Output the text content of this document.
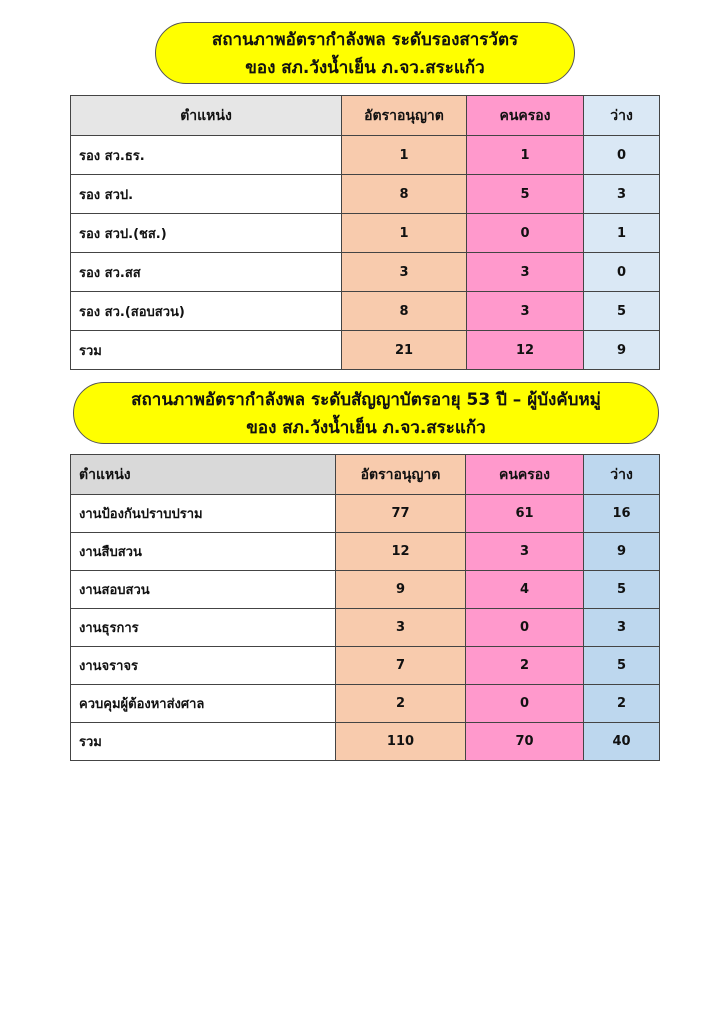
สถานภาพอัตรากำลังพล ระดับรองสารวัตร
ของ สภ.วังน้ำเย็น ภ.จว.สระแก้ว
ตำแหน่ง	อัตราอนุญาต	คนครอง	ว่าง
รอง สว.ธร.	1	1	0
รอง สวป.	8	5	3
รอง สวป.(ชส.)	1	0	1
รอง สว.สส	3	3	0
รอง สว.(สอบสวน)	8	3	5
รวม	21	12	9
สถานภาพอัตรากำลังพล ระดับสัญญาบัตรอายุ 53 ปี – ผู้บังคับหมู่
ของ สภ.วังน้ำเย็น ภ.จว.สระแก้ว
ตำแหน่ง	อัตราอนุญาต	คนครอง	ว่าง
งานป้องกันปราบปราม	77	61	16
งานสืบสวน	12	3	9
งานสอบสวน	9	4	5
งานธุรการ	3	0	3
งานจราจร	7	2	5
ควบคุมผู้ต้องหาส่งศาล	2	0	2
รวม	110	70	40
